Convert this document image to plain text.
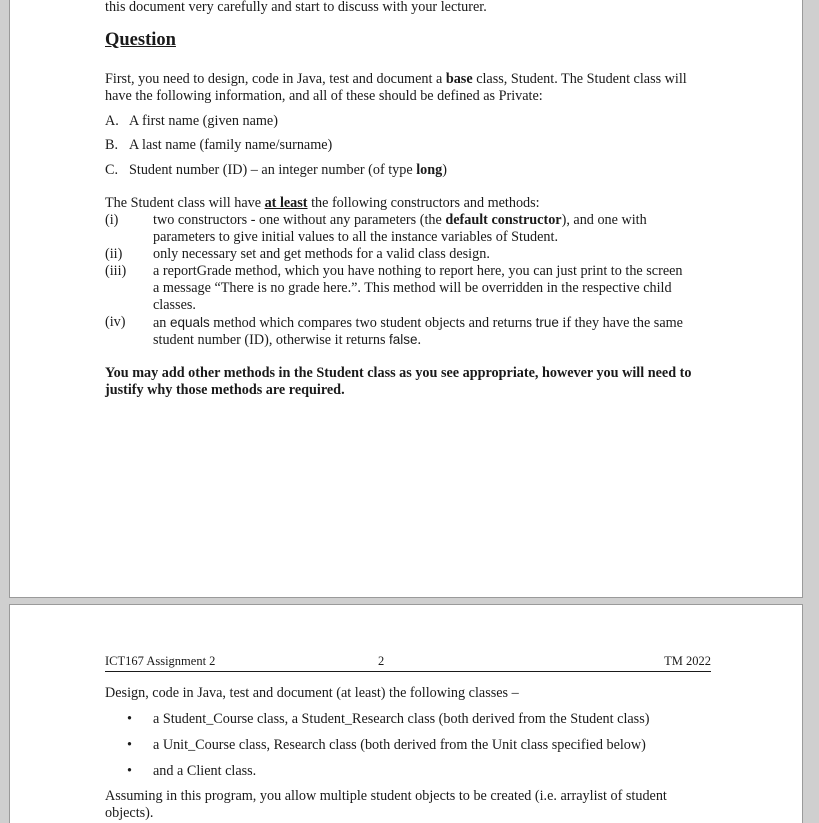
this document very carefully and start to discuss with your lecturer.
Question
First, you need to design, code in Java, test and document a base class, Student. The Student class will
have the following information, and all of these should be defined as Private:
A. A first name (given name)
B. A last name (family name/surname)
C. Student number (ID) – an integer number (of type long)
The Student class will have at least the following constructors and methods:
(i) two constructors - one without any parameters (the default constructor), and one with
parameters to give initial values to all the instance variables of Student.
(ii) only necessary set and get methods for a valid class design.
(iii) a reportGrade method, which you have nothing to report here, you can just print to the screen
a message “There is no grade here.”. This method will be overridden in the respective child
classes.
(iv) an equals method which compares two student objects and returns true if they have the same
student number (ID), otherwise it returns false.
You may add other methods in the Student class as you see appropriate, however you will need to
justify why those methods are required.
ICT167 Assignment 2	2	TM 2022
Design, code in Java, test and document (at least) the following classes –
• a Student_Course class, a Student_Research class (both derived from the Student class)
• a Unit_Course class, Research class (both derived from the Unit class specified below)
• and a Client class.
Assuming in this program, you allow multiple student objects to be created (i.e. arraylist of student
objects).
